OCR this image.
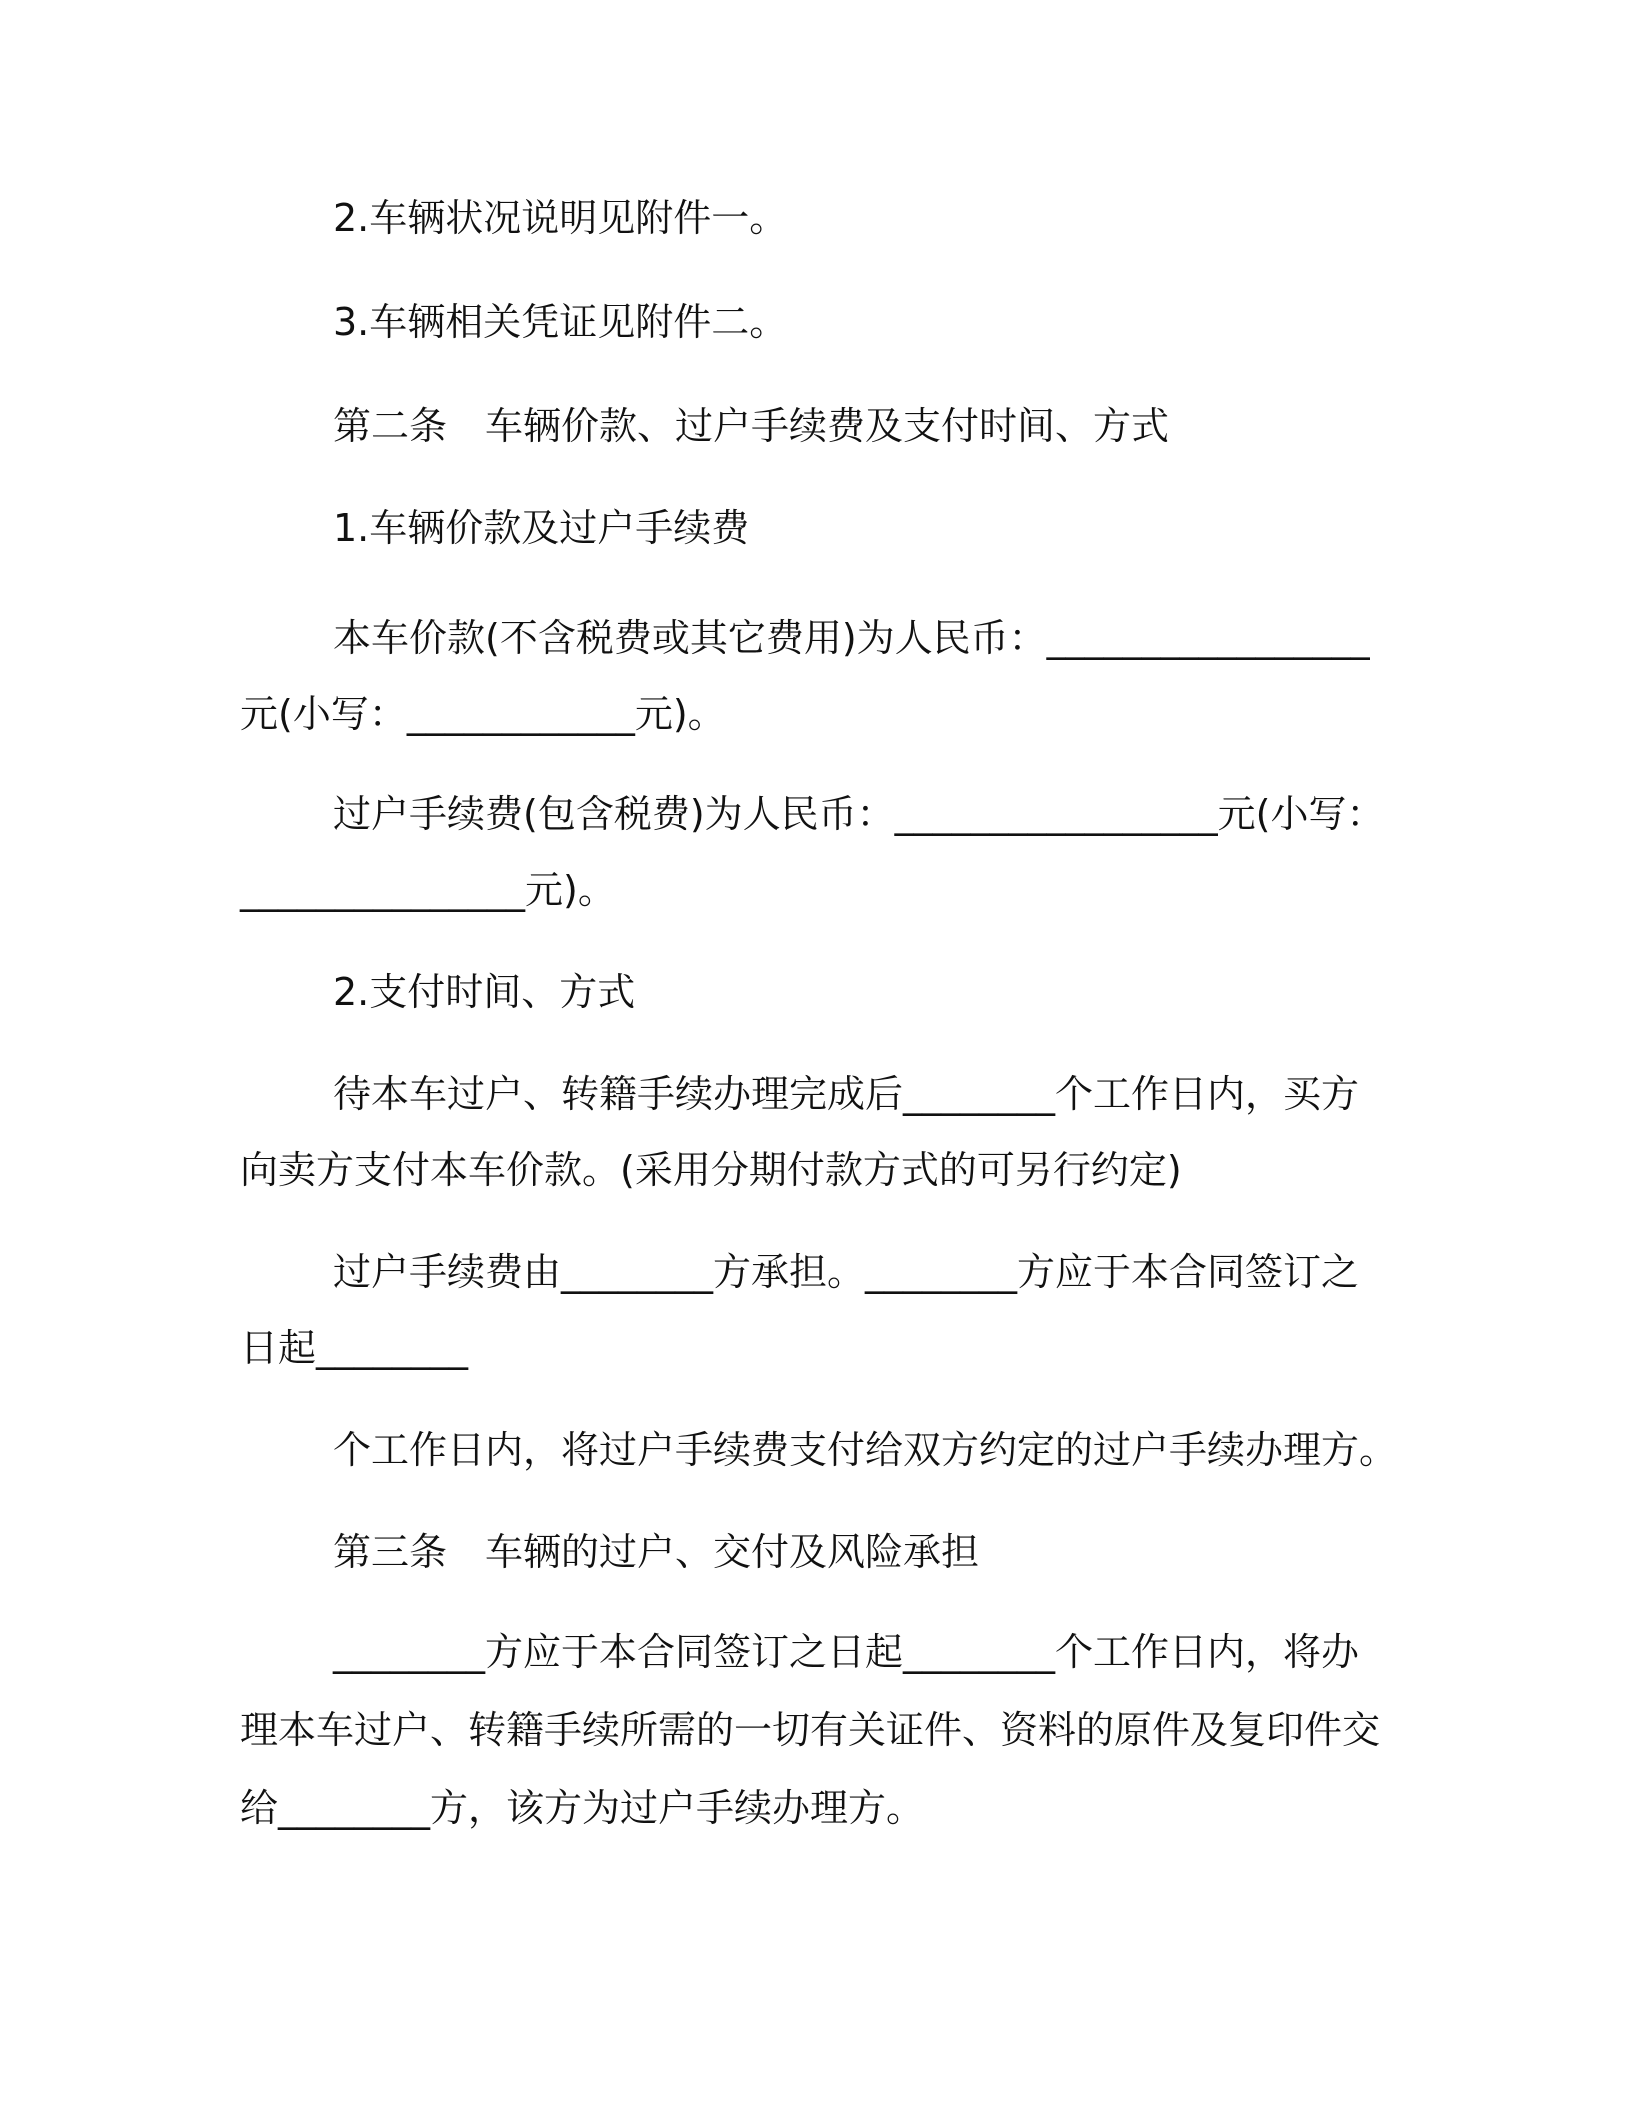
2.车辆状况说明见附件一。
3.车辆相关凭证见附件二。
第二条　车辆价款、过户手续费及支付时间、方式
1.车辆价款及过户手续费
本车价款(不含税费或其它费用)为人民币：_________________
元(小写：____________元)。
过户手续费(包含税费)为人民币：_________________元(小写：
_______________元)。
2.支付时间、方式
待本车过户、转籍手续办理完成后________个工作日内，买方
向卖方支付本车价款。(采用分期付款方式的可另行约定)
过户手续费由________方承担。________方应于本合同签订之
日起________
个工作日内，将过户手续费支付给双方约定的过户手续办理方。
第三条　车辆的过户、交付及风险承担
________方应于本合同签订之日起________个工作日内，将办
理本车过户、转籍手续所需的一切有关证件、资料的原件及复印件交
给________方，该方为过户手续办理方。
